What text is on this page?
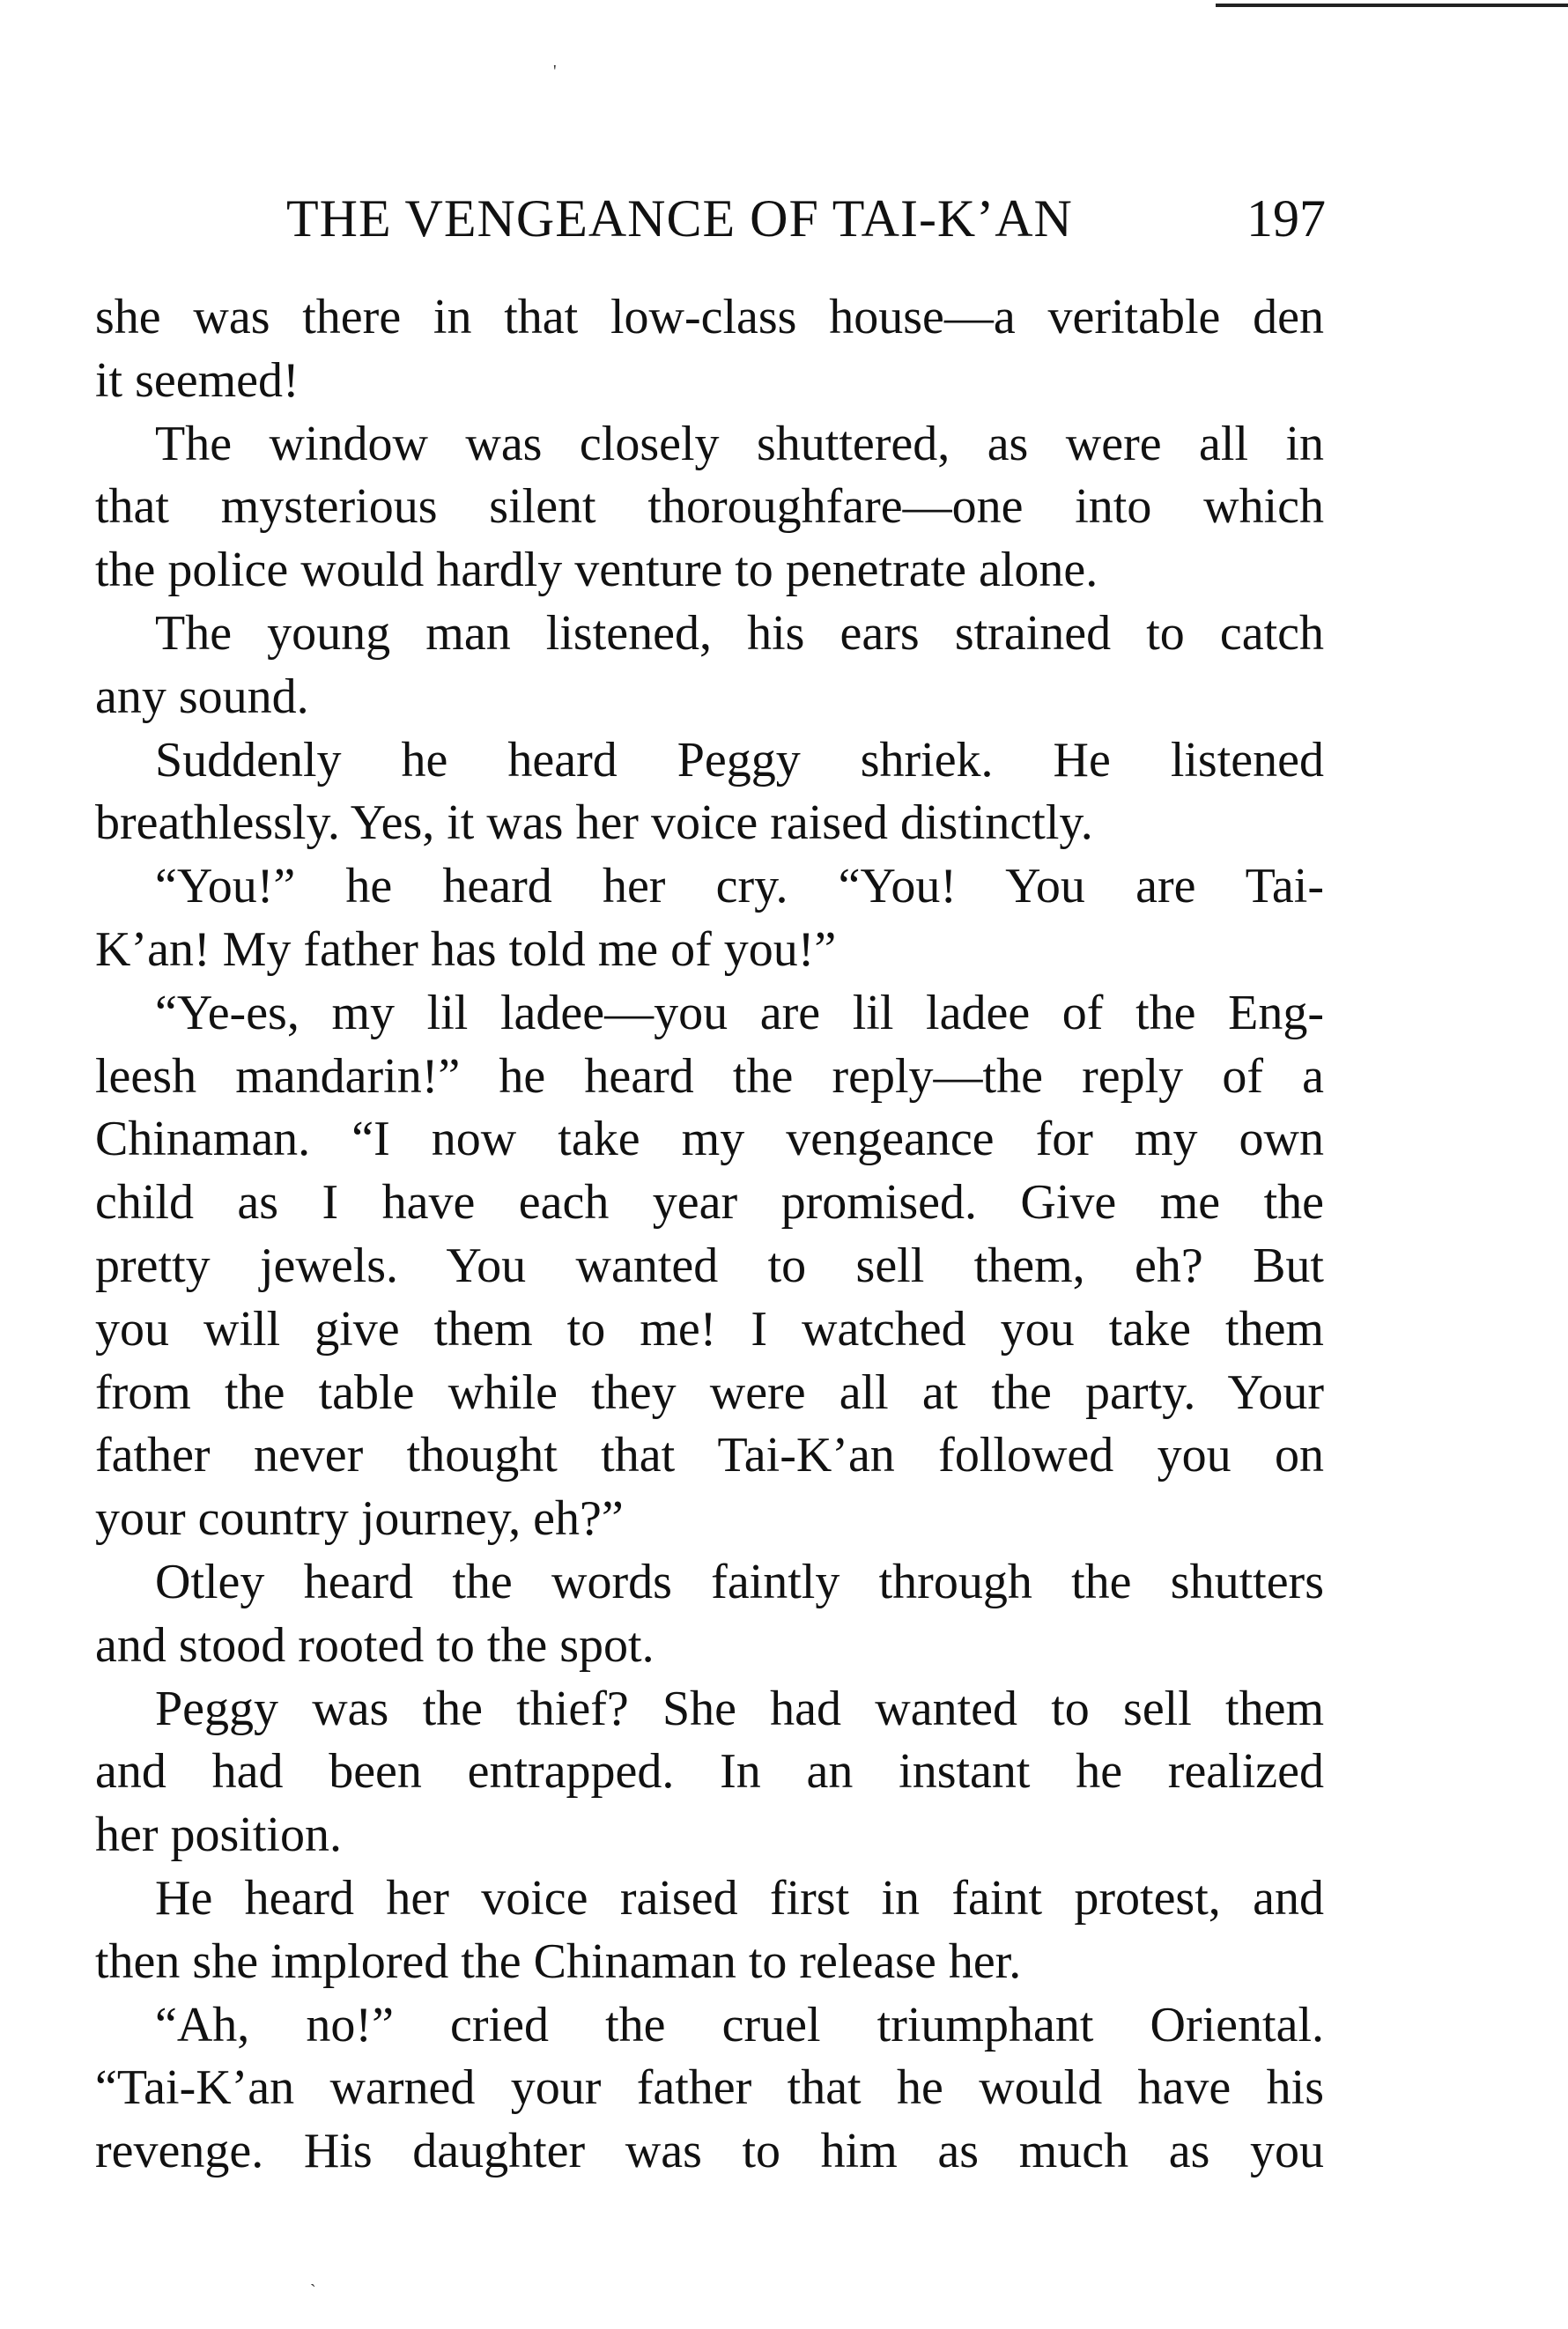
THE VENGEANCE OF TAI-K’AN	197
she was there in that low-class house—a veritable den
it seemed!
The window was closely shuttered, as were all in
that mysterious silent thoroughfare—one into which
the police would hardly venture to penetrate alone.
The young man listened, his ears strained to catch
any sound.
Suddenly he heard Peggy shriek. He listened
breathlessly. Yes, it was her voice raised distinctly.
“You!” he heard her cry. “You! You are Tai-
K’an! My father has told me of you!”
“Ye-es, my lil ladee—you are lil ladee of the Eng-
leesh mandarin!” he heard the reply—the reply of a
Chinaman. “I now take my vengeance for my own
child as I have each year promised. Give me the
pretty jewels. You wanted to sell them, eh? But
you will give them to me! I watched you take them
from the table while they were all at the party. Your
father never thought that Tai-K’an followed you on
your country journey, eh?”
Otley heard the words faintly through the shutters
and stood rooted to the spot.
Peggy was the thief? She had wanted to sell them
and had been entrapped. In an instant he realized
her position.
He heard her voice raised first in faint protest, and
then she implored the Chinaman to release her.
“Ah, no!” cried the cruel triumphant Oriental.
“Tai-K’an warned your father that he would have his
revenge. His daughter was to him as much as you
'
`
